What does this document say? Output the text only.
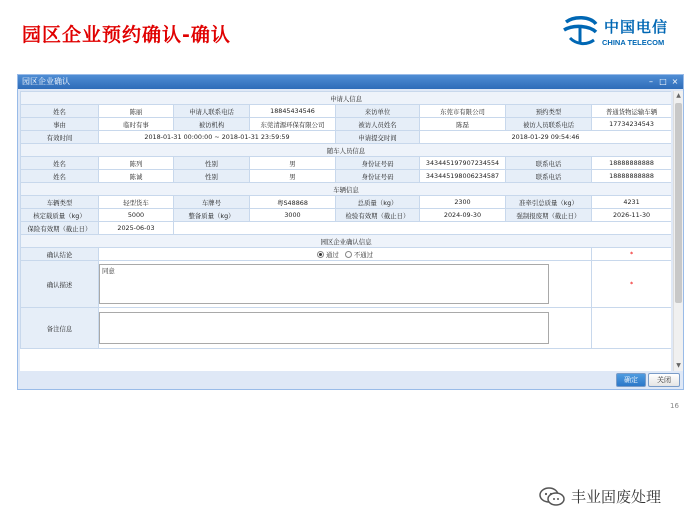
园区企业预约确认-确认	中国电信
CHINA TELECOM
园区企业确认	– □ ×
申请人信息							
姓名	陈丽	申请人联系电话	18845434546	来访单位	东莞市有限公司	预约类型	普通货物运输车辆
事由	临时有事	被访机构	东莞清源环保有限公司	被访人员姓名	陈磊	被访人员联系电话	17734234543
有效时间	2018-01-31 00:00:00 ~ 2018-01-31 23:59:59			申请提交时间	2018-01-29 09:54:46		
随车人员信息							
姓名	陈列	性别	男	身份证号码	343445197907234554	联系电话	18888888888
姓名	陈诚	性别	男	身份证号码	343445198006234587	联系电话	18888888888
车辆信息							
车辆类型	轻型货车	车牌号	粤S48868	总质量（kg）	2300	准牵引总质量（kg）	4231
核定载质量（kg）	5000	整备质量（kg）	3000	检验有效期（截止日）	2024-09-30	强制报废期（截止日）	2026-11-30
保险有效期（截止日）	2025-06-03						
园区企业确认信息							
确认结论	通过 不通过						*
确认描述	同意						*
备注信息						

▲
▼
确定	关闭
16
丰业固废处理
